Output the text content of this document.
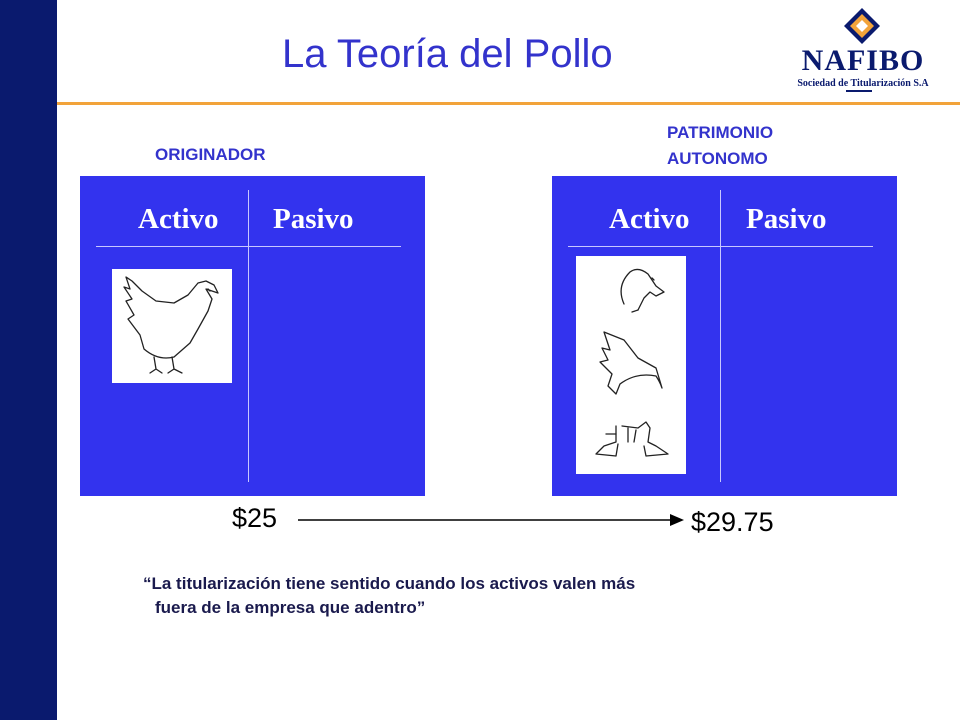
La Teoría del Pollo	NAFIBO
Sociedad de Titularización S.A
ORIGINADOR
Activo Pasivo
PATRIMONIO
AUTONOMO
Activo Pasivo
$25	$29.75
“La titularización tiene sentido cuando los activos valen más
fuera de la empresa que adentro”
